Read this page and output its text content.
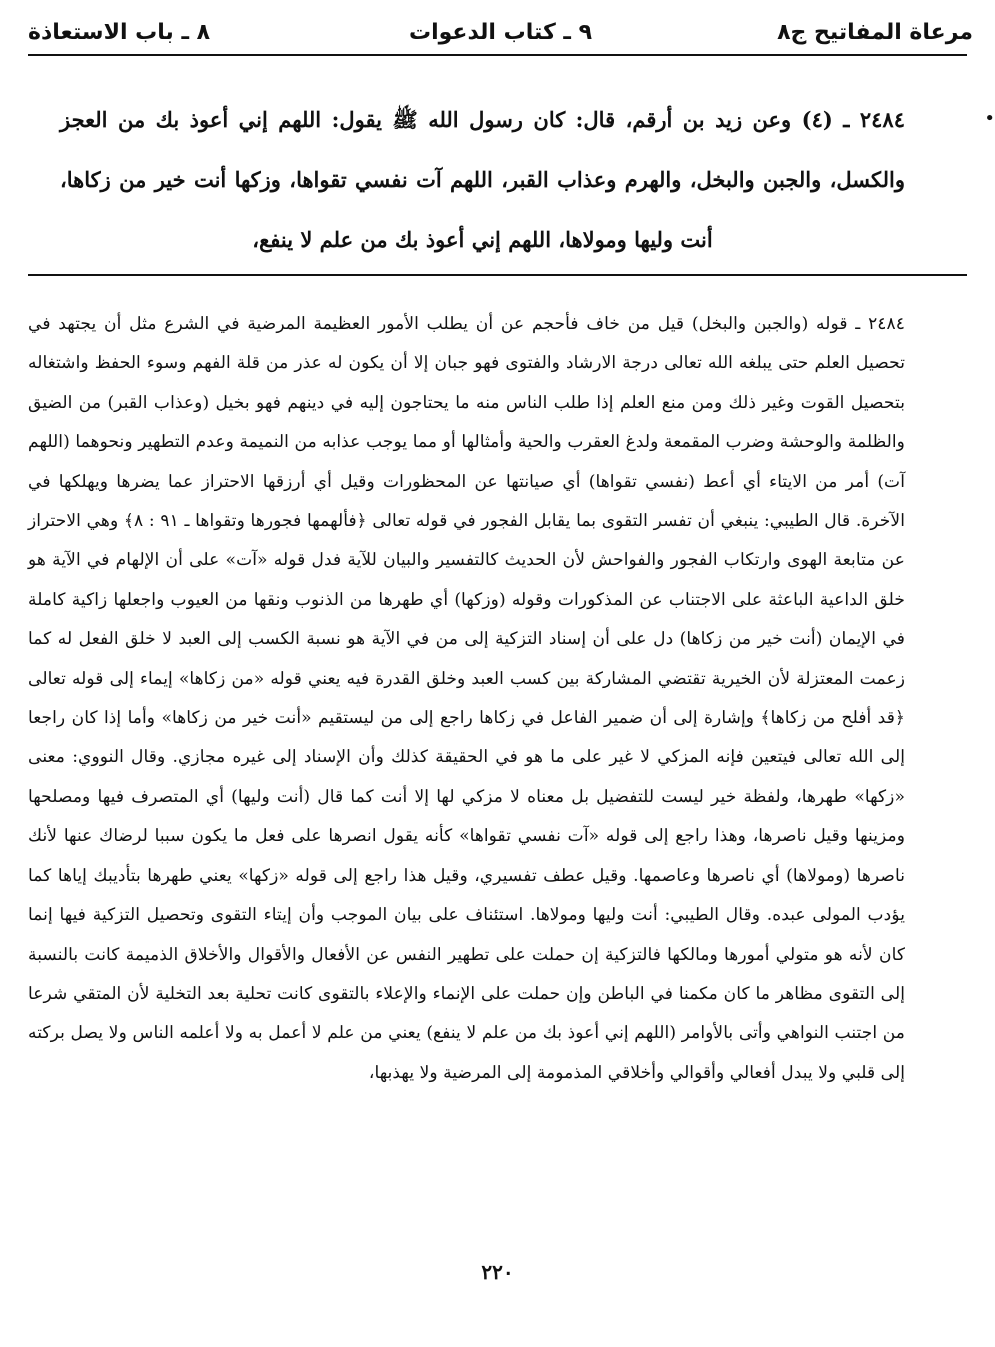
مرعاة المفاتيح ج٨
٩ ـ كتاب الدعوات
٨ ـ باب الاستعاذة
•
٢٤٨٤ ـ (٤) وعن زيد بن أرقم، قال: كان رسول الله ﷺ يقول: اللهم إني أعوذ بك من العجز والكسل، والجبن والبخل، والهرم وعذاب القبر، اللهم آت نفسي تقواها، وزكها أنت خير من زكاها، أنت وليها ومولاها، اللهم إني أعوذ بك من علم لا ينفع،

٢٤٨٤ ـ قوله (والجبن والبخل) قيل من خاف فأحجم عن أن يطلب الأمور العظيمة المرضية في الشرع مثل أن يجتهد في تحصيل العلم حتى يبلغه الله تعالى درجة الارشاد والفتوى فهو جبان إلا أن يكون له عذر من قلة الفهم وسوء الحفظ واشتغاله بتحصيل القوت وغير ذلك ومن منع العلم إذا طلب الناس منه ما يحتاجون إليه في دينهم فهو بخيل (وعذاب القبر) من الضيق والظلمة والوحشة وضرب المقمعة ولدغ العقرب والحية وأمثالها أو مما يوجب عذابه من النميمة وعدم التطهير ونحوهما (اللهم آت) أمر من الايتاء أي أعط (نفسي تقواها) أي صيانتها عن المحظورات وقيل أي أرزقها الاحتراز عما يضرها ويهلكها في الآخرة. قال الطيبي: ينبغي أن تفسر التقوى بما يقابل الفجور في قوله تعالى ﴿فألهمها فجورها وتقواها ـ ٩١ : ٨﴾ وهي الاحتراز عن متابعة الهوى وارتكاب الفجور والفواحش لأن الحديث كالتفسير والبيان للآية فدل قوله «آت» على أن الإلهام في الآية هو خلق الداعية الباعثة على الاجتناب عن المذكورات وقوله (وزكها) أي طهرها من الذنوب ونقها من العيوب واجعلها زاكية كاملة في الإيمان (أنت خير من زكاها) دل على أن إسناد التزكية إلى من في الآية هو نسبة الكسب إلى العبد لا خلق الفعل له كما زعمت المعتزلة لأن الخيرية تقتضي المشاركة بين كسب العبد وخلق القدرة فيه يعني قوله «من زكاها» إيماء إلى قوله تعالى ﴿قد أفلح من زكاها﴾ وإشارة إلى أن ضمير الفاعل في زكاها راجع إلى من ليستقيم «أنت خير من زكاها» وأما إذا كان راجعا إلى الله تعالى فيتعين فإنه المزكي لا غير على ما هو في الحقيقة كذلك وأن الإسناد إلى غيره مجازي. وقال النووي: معنى «زكها» طهرها، ولفظة خير ليست للتفضيل بل معناه لا مزكي لها إلا أنت كما قال (أنت وليها) أي المتصرف فيها ومصلحها ومزينها وقيل ناصرها، وهذا راجع إلى قوله «آت نفسي تقواها» كأنه يقول انصرها على فعل ما يكون سببا لرضاك عنها لأنك ناصرها (ومولاها) أي ناصرها وعاصمها. وقيل عطف تفسيري، وقيل هذا راجع إلى قوله «زكها» يعني طهرها بتأديبك إياها كما يؤدب المولى عبده. وقال الطيبي: أنت وليها ومولاها. استئناف على بيان الموجب وأن إيتاء التقوى وتحصيل التزكية فيها إنما كان لأنه هو متولي أمورها ومالكها فالتزكية إن حملت على تطهير النفس عن الأفعال والأقوال والأخلاق الذميمة كانت بالنسبة إلى التقوى مظاهر ما كان مكمنا في الباطن وإن حملت على الإنماء والإعلاء بالتقوى كانت تحلية بعد التخلية لأن المتقي شرعا من اجتنب النواهي وأتى بالأوامر (اللهم إني أعوذ بك من علم لا ينفع) يعني من علم لا أعمل به ولا أعلمه الناس ولا يصل بركته إلى قلبي ولا يبدل أفعالي وأقوالي وأخلاقي المذمومة إلى المرضية ولا يهذبها،

٢٢٠
